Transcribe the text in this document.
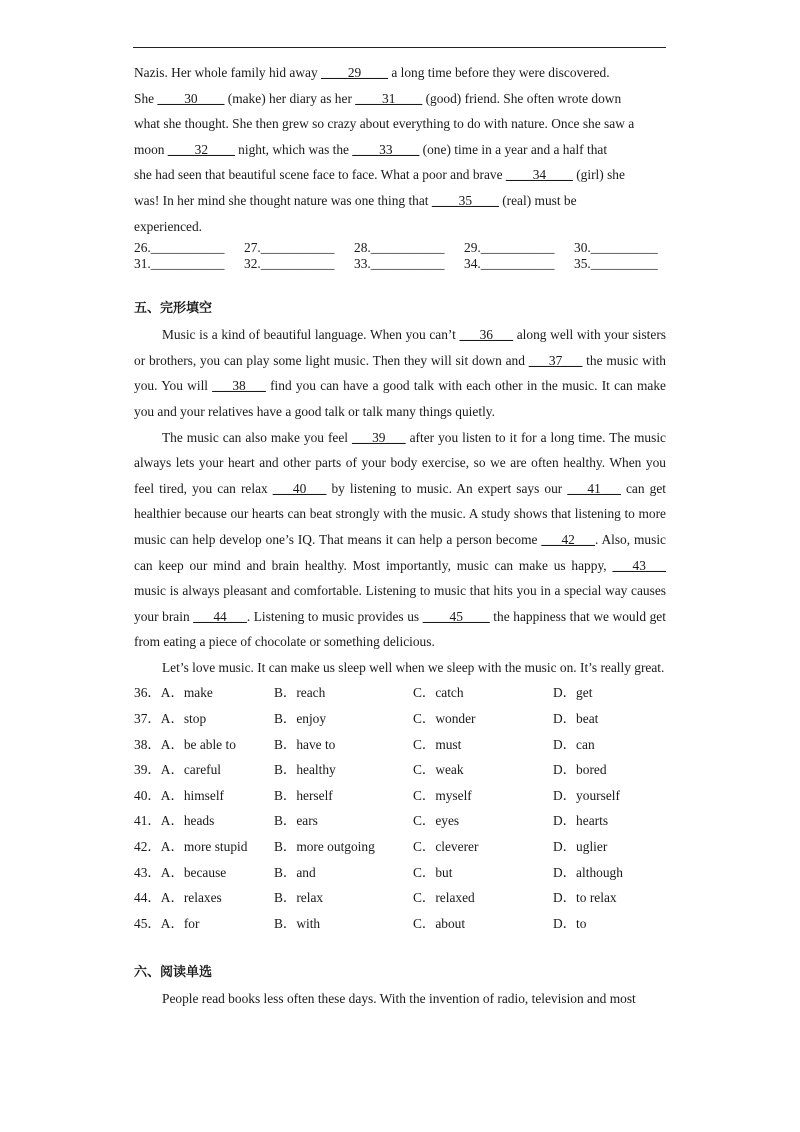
Nazis. Her whole family hid away ____29____ a long time before they were discovered.

She ____30____ (make) her diary as her ____31____ (good) friend. She often wrote down

what she thought. She then grew so crazy about everything to do with nature. Once she saw a

moon ____32____ night, which was the ____33____ (one) time in a year and a half that

she had seen that beautiful scene face to face. What a poor and brave ____34____ (girl) she

was! In her mind she thought nature was one thing that ____35____ (real) must be

experienced.

26.___________	27.___________	28.___________	29.___________	30.__________
31.___________	32.___________	33.___________	34.___________	35.__________
五、完形填空

Music is a kind of beautiful language. When you can’t ___36___ along well with your sisters or brothers, you can play some light music. Then they will sit down and ___37___ the music with you. You will ___38___ find you can have a good talk with each other in the music. It can make you and your relatives have a good talk or talk many things quietly.

The music can also make you feel ___39___ after you listen to it for a long time. The music always lets your heart and other parts of your body exercise, so we are often healthy. When you feel tired, you can relax ___40___ by listening to music. An expert says our ___41___ can get healthier because our hearts can beat strongly with the music. A study shows that listening to more music can help develop one’s IQ. That means it can help a person become ___42___. Also, music can keep our mind and brain healthy. Most importantly, music can make us happy, ___43___ music is always pleasant and comfortable. Listening to music that hits you in a special way causes your brain ___44___. Listening to music provides us ____45____ the happiness that we would get from eating a piece of chocolate or something delicious.

Let’s love music. It can make us sleep well when we sleep with the music on. It’s really great.

36．A．make	B．reach	C．catch	D．get
37．A．stop	B．enjoy	C．wonder	D．beat
38．A．be able to	B．have to	C．must	D．can
39．A．careful	B．healthy	C．weak	D．bored
40．A．himself	B．herself	C．myself	D．yourself
41．A．heads	B．ears	C．eyes	D．hearts
42．A．more stupid	B．more outgoing	C．cleverer	D．uglier
43．A．because	B．and	C．but	D．although
44．A．relaxes	B．relax	C．relaxed	D．to relax
45．A．for	B．with	C．about	D．to
六、阅读单选

People read books less often these days. With the invention of radio, television and most
